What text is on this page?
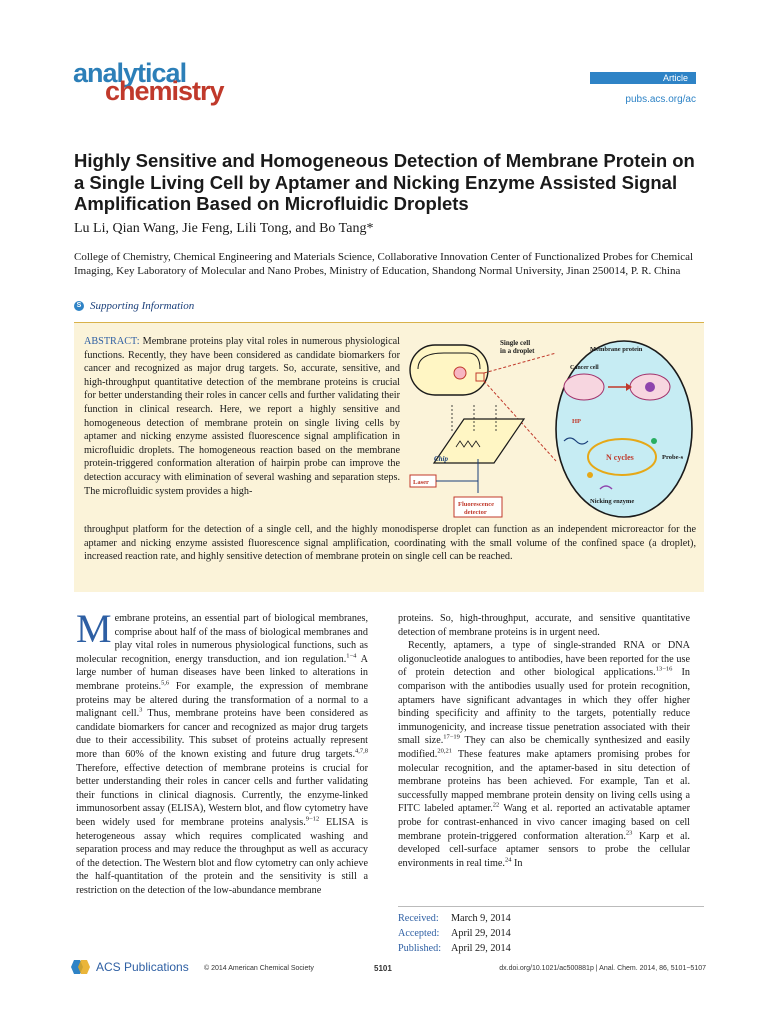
analytical
chemistry	Article
pubs.acs.org/ac
Highly Sensitive and Homogeneous Detection of Membrane Protein on a Single Living Cell by Aptamer and Nicking Enzyme Assisted Signal Amplification Based on Microfluidic Droplets
Lu Li, Qian Wang, Jie Feng, Lili Tong, and Bo Tang*
College of Chemistry, Chemical Engineering and Materials Science, Collaborative Innovation Center of Functionalized Probes for Chemical Imaging, Key Laboratory of Molecular and Nano Probes, Ministry of Education, Shandong Normal University, Jinan 250014, P. R. China
S Supporting Information
ABSTRACT: Membrane proteins play vital roles in numerous physiological functions. Recently, they have been considered as candidate biomarkers for cancer and recognized as major drug targets. So, accurate, sensitive, and high-throughput quantitative detection of the membrane proteins is crucial for better understanding their roles in cancer cells and further validating their function in clinical research. Here, we report a highly sensitive and homogeneous detection of membrane protein on single living cells by aptamer and nicking enzyme assisted fluorescence signal amplification in microfluidic droplets. The homogeneous reaction based on the membrane protein-triggered conformation alteration of hairpin probe can improve the detection accuracy with elimination of several washing and separation steps. The microfluidic system provides a high-
Chip
Laser
Fluorescence
detector
Single cell
in a droplet	Membrane protein
Cancer cell
HP
N cycles	Probe-s
Nicking enzyme
throughput platform for the detection of a single cell, and the highly monodisperse droplet can function as an independent microreactor for the aptamer and nicking enzyme assisted fluorescence signal amplification, coordinating with the small volume of the confined space (a droplet), increased reaction rate, and highly sensitive detection of membrane protein on single cell can be reached.
M embrane proteins, an essential part of biological membranes, comprise about half of the mass of biological membranes and play vital roles in numerous physiological functions, such as molecular recognition, energy transduction, and ion regulation.$^{1-4}$ A large number of human diseases have been linked to alterations in membrane proteins.$^{5,6}$ For example, the expression of membrane proteins may be altered during the transformation of a normal to a malignant cell.$^3$ Thus, membrane proteins have been considered as candidate biomarkers for cancer and recognized as major drug targets due to their accessibility. This subset of proteins actually represent more than 60% of the known existing and future drug targets.$^{4,7,8}$ Therefore, effective detection of membrane proteins is crucial for better understanding their roles in cancer cells and further validating their functions in clinical diagnosis. Currently, the enzyme-linked immunosorbent assay (ELISA), Western blot, and flow cytometry have been widely used for membrane proteins analysis.$^{9-12}$ ELISA is heterogeneous assay which requires complicated washing and separation process and may reduce the throughput as well as accuracy of the detection. The Western blot and flow cytometry can only achieve the half-quantitation of the protein and the sensitivity is still a restriction on the detection of the low-abundance membrane

proteins. So, high-throughput, accurate, and sensitive quantitative detection of membrane proteins is in urgent need.

Recently, aptamers, a type of single-stranded RNA or DNA oligonucleotide analogues to antibodies, have been reported for the use of protein detection and other biological applications.$^{13-16}$ In comparison with the antibodies usually used for protein recognition, aptamers have significant advantages in which they offer higher binding specificity and affinity to the targets, potentially reduce immunogenicity, and increase tissue penetration associated with their small size.$^{17-19}$ They can also be chemically synthesized and easily modified.$^{20,21}$ These features make aptamers promising probes for molecular recognition, and the aptamer-based in situ detection of membrane proteins has been achieved. For example, Tan et al. successfully mapped membrane protein density on living cells using a FITC labeled aptamer.$^{22}$ Wang et al. reported an activatable aptamer probe for contrast-enhanced in vivo cancer imaging based on cell membrane protein-triggered conformation alteration.$^{23}$ Karp et al. developed cell-surface aptamer sensors to probe the cellular environments in real time.$^{24}$ In

Received:	March 9, 2014
Accepted:	April 29, 2014
Published: April 29, 2014
ACS Publications © 2014 American Chemical Society	5101	dx.doi.org/10.1021/ac500881p | Anal. Chem. 2014, 86, 5101−5107
